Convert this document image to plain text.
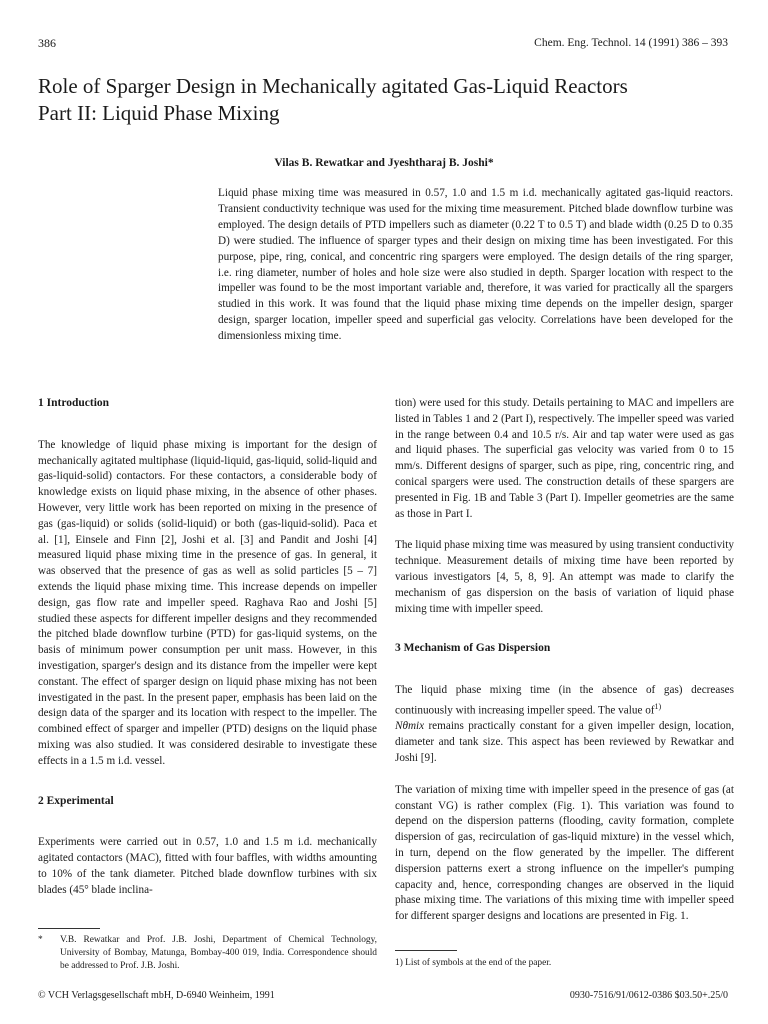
386	Chem. Eng. Technol. 14 (1991) 386 – 393
Role of Sparger Design in Mechanically agitated Gas-Liquid Reactors
Part II: Liquid Phase Mixing
Vilas B. Rewatkar and Jyeshtharaj B. Joshi*

Liquid phase mixing time was measured in 0.57, 1.0 and 1.5 m i.d. mechanically agitated gas-liquid reactors. Transient conductivity technique was used for the mixing time measurement. Pitched blade downflow turbine was employed. The design details of PTD impellers such as diameter (0.22 T to 0.5 T) and blade width (0.25 D to 0.35 D) were studied. The influence of sparger types and their design on mixing time has been investigated. For this purpose, pipe, ring, conical, and concentric ring spargers were employed. The design details of the ring sparger, i.e. ring diameter, number of holes and hole size were also studied in depth. Sparger location with respect to the impeller was found to be the most important variable and, therefore, it was varied for practically all the spargers studied in this work. It was found that the liquid phase mixing time depends on the impeller design, sparger design, sparger location, impeller speed and superficial gas velocity. Correlations have been developed for the dimensionless mixing time.

1 Introduction

The knowledge of liquid phase mixing is important for the design of mechanically agitated multiphase (liquid-liquid, gas-liquid, solid-liquid and gas-liquid-solid) contactors. For these contactors, a considerable body of knowledge exists on liquid phase mixing, in the absence of other phases. However, very little work has been reported on mixing in the presence of gas (gas-liquid) or solids (solid-liquid) or both (gas-liquid-solid). Paca et al. [1], Einsele and Finn [2], Joshi et al. [3] and Pandit and Joshi [4] measured liquid phase mixing time in the presence of gas. In general, it was observed that the presence of gas as well as solid particles [5 – 7] extends the liquid phase mixing time. This increase depends on impeller design, gas flow rate and impeller speed. Raghava Rao and Joshi [5] studied these aspects for different impeller designs and they recommended the pitched blade downflow turbine (PTD) for gas-liquid systems, on the basis of minimum power consumption per unit mass. However, in this investigation, sparger's design and its distance from the impeller were kept constant. The effect of sparger design on liquid phase mixing has not been investigated in the past. In the present paper, emphasis has been laid on the design data of the sparger and its location with respect to the impeller. The combined effect of sparger and impeller (PTD) designs on the liquid phase mixing was also studied. It was considered desirable to investigate these effects in a 1.5 m i.d. vessel.

2 Experimental

Experiments were carried out in 0.57, 1.0 and 1.5 m i.d. mechanically agitated contactors (MAC), fitted with four baffles, with widths amounting to 10% of the tank diameter. Pitched blade downflow turbines with six blades (45° blade inclina-

tion) were used for this study. Details pertaining to MAC and impellers are listed in Tables 1 and 2 (Part I), respectively. The impeller speed was varied in the range between 0.4 and 10.5 r/s. Air and tap water were used as gas and liquid phases. The superficial gas velocity was varied from 0 to 15 mm/s. Different designs of sparger, such as pipe, ring, concentric ring, and conical spargers were used. The construction details of these spargers are presented in Fig. 1B and Table 3 (Part I). Impeller geometries are the same as those in Part I.

The liquid phase mixing time was measured by using transient conductivity technique. Measurement details of mixing time have been reported by various investigators [4, 5, 8, 9]. An attempt was made to clarify the mechanism of gas dispersion on the basis of variation of liquid phase mixing time with impeller speed.

3 Mechanism of Gas Dispersion

The liquid phase mixing time (in the absence of gas) decreases continuously with increasing impeller speed. The value $of^{1)}$
Nθmix remains practically constant for a given impeller design, location, diameter and tank size. This aspect has been reviewed by Rewatkar and Joshi [9].

The variation of mixing time with impeller speed in the presence of gas (at constant VG) is rather complex (Fig. 1). This variation was found to depend on the dispersion patterns (flooding, cavity formation, complete dispersion of gas, recirculation of gas-liquid mixture) in the vessel which, in turn, depend on the flow generated by the impeller. The different dispersion patterns exert a strong influence on the impeller's pumping capacity and, hence, corresponding changes are observed in the liquid phase mixing time. The variations of this mixing time with impeller speed for different sparger designs and locations are presented in Fig. 1.

* V.B. Rewatkar and Prof. J.B. Joshi, Department of Chemical Technology, University of Bombay, Matunga, Bombay-400 019, India. Correspondence should be addressed to Prof. J.B. Joshi.	1) List of symbols at the end of the paper.
© VCH Verlagsgesellschaft mbH, D-6940 Weinheim, 1991	0930-7516/91/0612-0386 $03.50+.25/0
